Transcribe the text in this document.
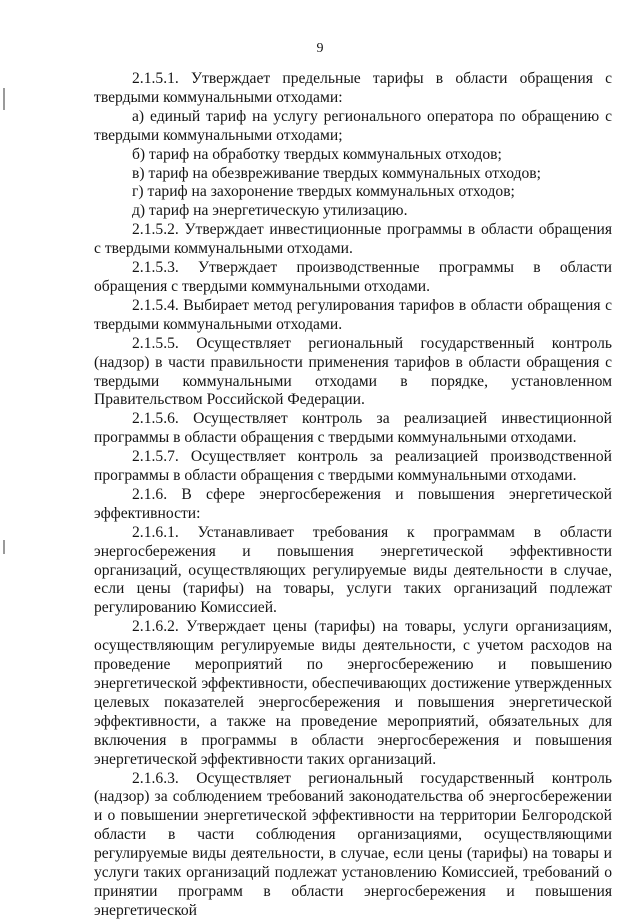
9

2.1.5.1. Утверждает предельные тарифы в области обращения с твердыми коммунальными отходами:

а) единый тариф на услугу регионального оператора по обращению с твердыми коммунальными отходами;

б) тариф на обработку твердых коммунальных отходов;

в) тариф на обезвреживание твердых коммунальных отходов;

г) тариф на захоронение твердых коммунальных отходов;

д) тариф на энергетическую утилизацию.

2.1.5.2. Утверждает инвестиционные программы в области обращения с твердыми коммунальными отходами.

2.1.5.3. Утверждает производственные программы в области обращения с твердыми коммунальными отходами.

2.1.5.4. Выбирает метод регулирования тарифов в области обращения с твердыми коммунальными отходами.

2.1.5.5. Осуществляет региональный государственный контроль (надзор) в части правильности применения тарифов в области обращения с твердыми коммунальными отходами в порядке, установленном Правительством Российской Федерации.

2.1.5.6. Осуществляет контроль за реализацией инвестиционной программы в области обращения с твердыми коммунальными отходами.

2.1.5.7. Осуществляет контроль за реализацией производственной программы в области обращения с твердыми коммунальными отходами.

2.1.6. В сфере энергосбережения и повышения энергетической эффективности:

2.1.6.1. Устанавливает требования к программам в области энергосбережения и повышения энергетической эффективности организаций, осуществляющих регулируемые виды деятельности в случае, если цены (тарифы) на товары, услуги таких организаций подлежат регулированию Комиссией.

2.1.6.2. Утверждает цены (тарифы) на товары, услуги организациям, осуществляющим регулируемые виды деятельности, с учетом расходов на проведение мероприятий по энергосбережению и повышению энергетической эффективности, обеспечивающих достижение утвержденных целевых показателей энергосбережения и повышения энергетической эффективности, а также на проведение мероприятий, обязательных для включения в программы в области энергосбережения и повышения энергетической эффективности таких организаций.

2.1.6.3. Осуществляет региональный государственный контроль (надзор) за соблюдением требований законодательства об энергосбережении и о повышении энергетической эффективности на территории Белгородской области в части соблюдения организациями, осуществляющими регулируемые виды деятельности, в случае, если цены (тарифы) на товары и услуги таких организаций подлежат установлению Комиссией, требований о принятии программ в области энергосбережения и повышения энергетической
